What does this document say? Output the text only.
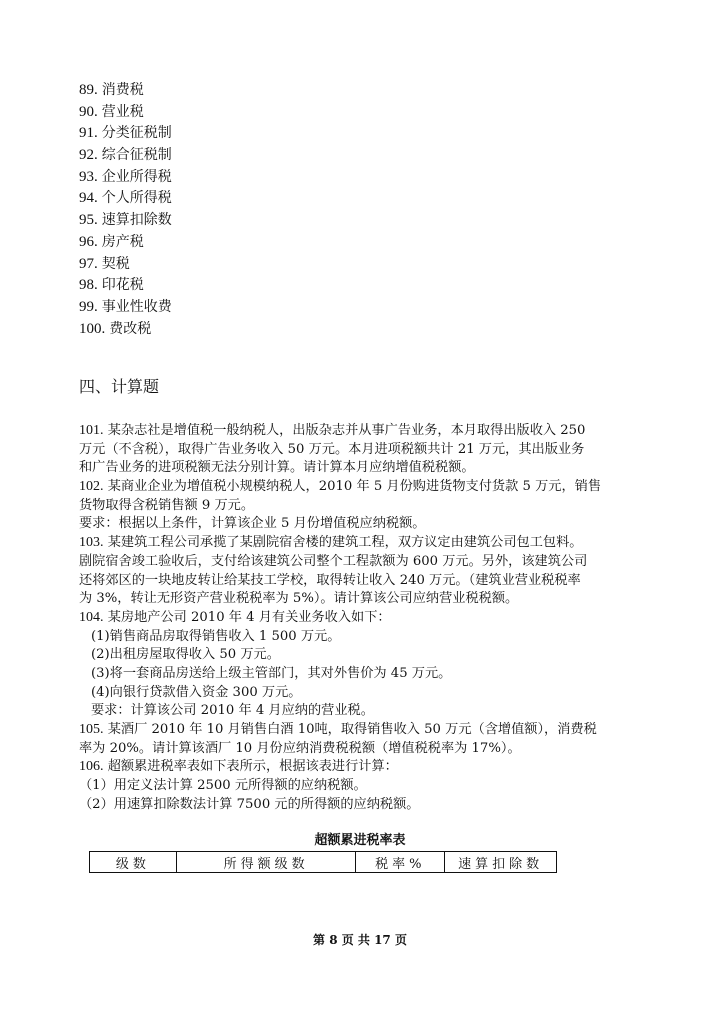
89. 消费税
90. 营业税
91. 分类征税制
92. 综合征税制
93. 企业所得税
94. 个人所得税
95. 速算扣除数
96. 房产税
97. 契税
98. 印花税
99. 事业性收费
100. 费改税
四、计算题
101. 某杂志社是增值税一般纳税人，出版杂志并从事广告业务，本月取得出版收入 250
万元（不含税），取得广告业务收入 50 万元。本月进项税额共计 21 万元，其出版业务
和广告业务的进项税额无法分别计算。请计算本月应纳增值税税额。
102. 某商业企业为增值税小规模纳税人，2010 年 5 月份购进货物支付货款 5 万元，销售
货物取得含税销售额 9 万元。
要求：根据以上条件，计算该企业 5 月份增值税应纳税额。
103. 某建筑工程公司承揽了某剧院宿舍楼的建筑工程，双方议定由建筑公司包工包料。
剧院宿舍竣工验收后，支付给该建筑公司整个工程款额为 600 万元。另外，该建筑公司
还将郊区的一块地皮转让给某技工学校，取得转让收入 240 万元。（建筑业营业税税率
为 3%，转让无形资产营业税税率为 5%）。请计算该公司应纳营业税税额。
104. 某房地产公司 2010 年 4 月有关业务收入如下：
(1)销售商品房取得销售收入 1 500 万元。
(2)出租房屋取得收入 50 万元。
(3)将一套商品房送给上级主管部门，其对外售价为 45 万元。
(4)向银行贷款借入资金 300 万元。
要求：计算该公司 2010 年 4 月应纳的营业税。
105. 某酒厂 2010 年 10 月销售白酒 10吨，取得销售收入 50 万元（含增值额），消费税
率为 20%。请计算该酒厂 10 月份应纳消费税税额（增值税税率为 17%）。
106. 超额累进税率表如下表所示，根据该表进行计算：
（1）用定义法计算 2500 元所得额的应纳税额。
（2）用速算扣除数法计算 7500 元的所得额的应纳税额。
超额累进税率表
级数	所得额级数	税率%	速算扣除数
第 8 页 共 17 页
